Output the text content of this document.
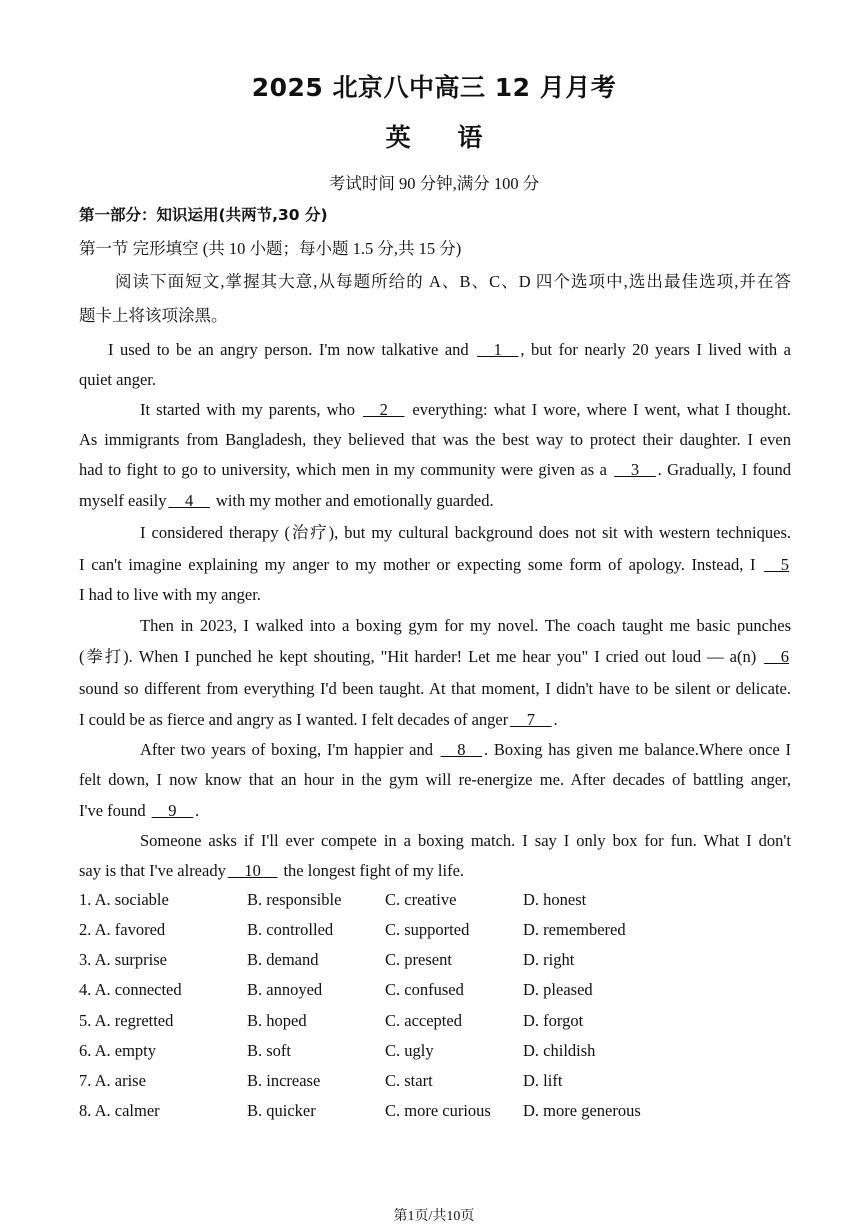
2025 北京八中高三 12 月月考
英 语
考试时间 90 分钟,满分 100 分
第一部分：知识运用(共两节,30 分)
第一节 完形填空 (共 10 小题；每小题 1.5 分,共 15 分)
阅读下面短文,掌握其大意,从每题所给的 A、B、C、D 四个选项中,选出最佳选项,并在答
题卡上将该项涂黑。
I used to be an angry person. I'm now talkative and __1__ , but for nearly 20 years I lived with a
quiet anger.
It started with my parents, who __2__ everything: what I wore, where I went, what I thought.
As immigrants from Bangladesh, they believed that was the best way to protect their daughter. I even
had to fight to go to university, which men in my community were given as a __3__ . Gradually, I found
myself easily __4__ with my mother and emotionally guarded.
I considered therapy (治疗), but my cultural background does not sit with western techniques.
I can't imagine explaining my anger to my mother or expecting some form of apology. Instead, I __5
I had to live with my anger.
Then in 2023, I walked into a boxing gym for my novel. The coach taught me basic punches
(拳打). When I punched he kept shouting, "Hit harder! Let me hear you" I cried out loud — a(n) __6
sound so different from everything I'd been taught. At that moment, I didn't have to be silent or delicate.
I could be as fierce and angry as I wanted. I felt decades of anger __7__ .
After two years of boxing, I'm happier and __8__ . Boxing has given me balance.Where once I
felt down, I now know that an hour in the gym will re-energize me. After decades of battling anger,
I've found __9__ .
Someone asks if I'll ever compete in a boxing match. I say I only box for fun. What I don't
say is that I've already __10__ the longest fight of my life.
1. A. sociable	B. responsible	C. creative	D. honest
2. A. favored	B. controlled	C. supported	D. remembered
3. A. surprise	B. demand	C. present	D. right
4. A. connected	B. annoyed	C. confused	D. pleased
5. A. regretted	B. hoped	C. accepted	D. forgot
6. A. empty	B. soft	C. ugly	D. childish
7. A. arise	B. increase	C. start	D. lift
8. A. calmer	B. quicker	C. more curious D. more generous
第1页/共10页
